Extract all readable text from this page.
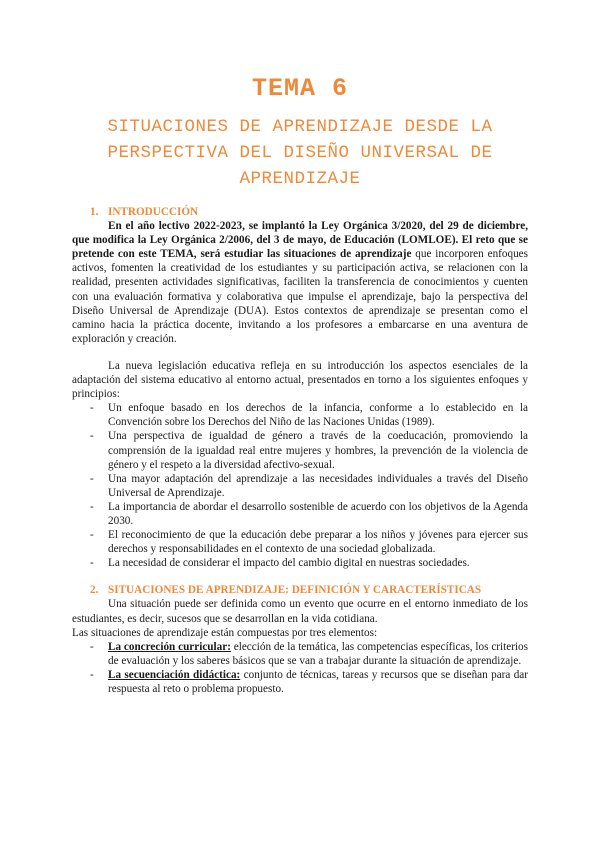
TEMA 6
SITUACIONES DE APRENDIZAJE DESDE LA PERSPECTIVA DEL DISEÑO UNIVERSAL DE APRENDIZAJE
1. INTRODUCCIÓN

En el año lectivo 2022-2023, se implantó la Ley Orgánica 3/2020, del 29 de diciembre, que modifica la Ley Orgánica 2/2006, del 3 de mayo, de Educación (LOMLOE). El reto que se pretende con este TEMA, será estudiar las situaciones de aprendizaje que incorporen enfoques activos, fomenten la creatividad de los estudiantes y su participación activa, se relacionen con la realidad, presenten actividades significativas, faciliten la transferencia de conocimientos y cuenten con una evaluación formativa y colaborativa que impulse el aprendizaje, bajo la perspectiva del Diseño Universal de Aprendizaje (DUA). Estos contextos de aprendizaje se presentan como el camino hacia la práctica docente, invitando a los profesores a embarcarse en una aventura de exploración y creación.

La nueva legislación educativa refleja en su introducción los aspectos esenciales de la adaptación del sistema educativo al entorno actual, presentados en torno a los siguientes enfoques y principios:

- Un enfoque basado en los derechos de la infancia, conforme a lo establecido en la Convención sobre los Derechos del Niño de las Naciones Unidas (1989).
- Una perspectiva de igualdad de género a través de la coeducación, promoviendo la comprensión de la igualdad real entre mujeres y hombres, la prevención de la violencia de género y el respeto a la diversidad afectivo-sexual.
- Una mayor adaptación del aprendizaje a las necesidades individuales a través del Diseño Universal de Aprendizaje.
- La importancia de abordar el desarrollo sostenible de acuerdo con los objetivos de la Agenda 2030.
- El reconocimiento de que la educación debe preparar a los niños y jóvenes para ejercer sus derechos y responsabilidades en el contexto de una sociedad globalizada.
- La necesidad de considerar el impacto del cambio digital en nuestras sociedades.
2. SITUACIONES DE APRENDIZAJE: DEFINICIÓN Y CARACTERÍSTICAS

Una situación puede ser definida como un evento que ocurre en el entorno inmediato de los estudiantes, es decir, sucesos que se desarrollan en la vida cotidiana.

Las situaciones de aprendizaje están compuestas por tres elementos:

- La concreción curricular: elección de la temática, las competencias específicas, los criterios de evaluación y los saberes básicos que se van a trabajar durante la situación de aprendizaje.
- La secuenciación didáctica: conjunto de técnicas, tareas y recursos que se diseñan para dar respuesta al reto o problema propuesto.
